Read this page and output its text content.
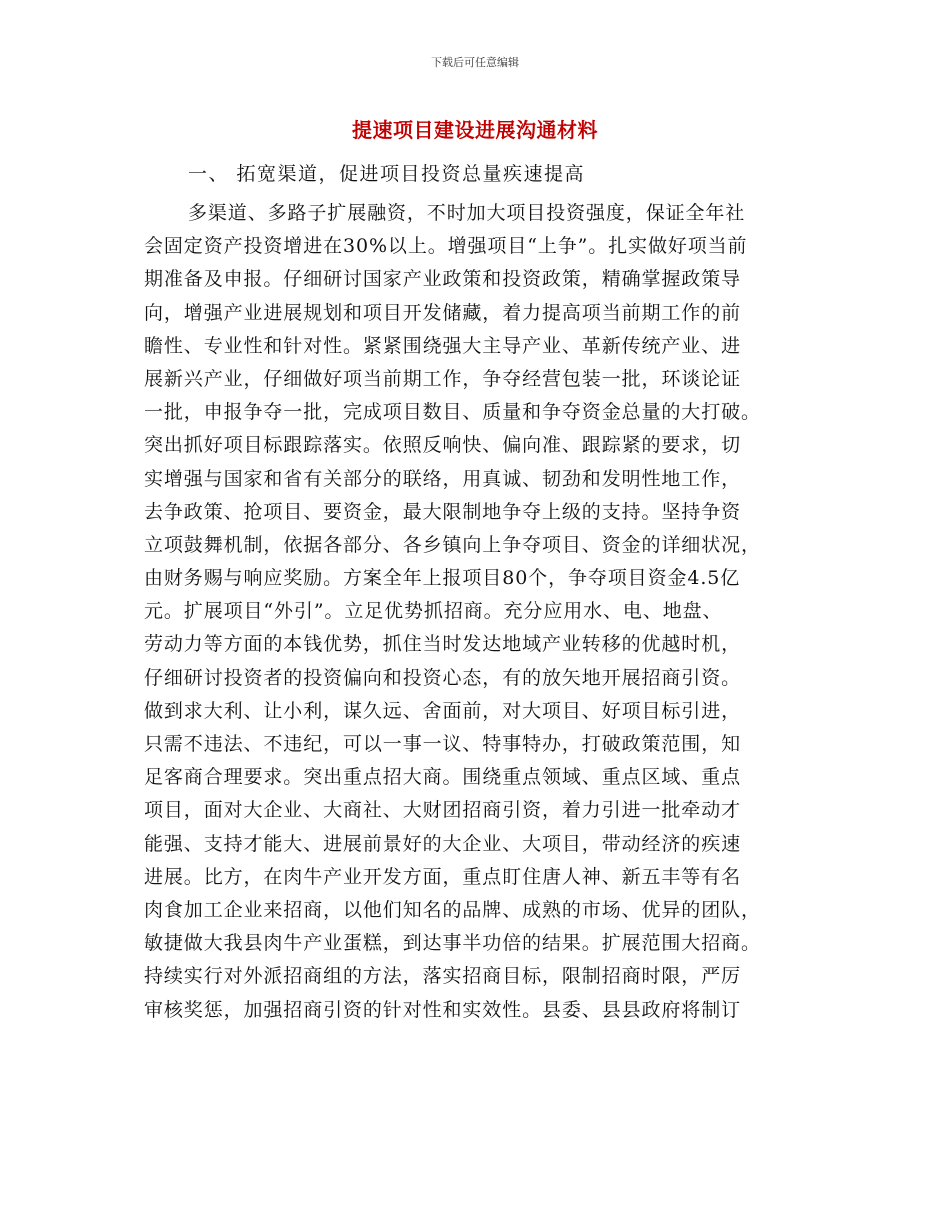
下载后可任意编辑
提速项目建设进展沟通材料
一、 拓宽渠道，促进项目投资总量疾速提高
多渠道、多路子扩展融资，不时加大项目投资强度，保证全年社
会固定资产投资增进在30%以上。增强项目“上争”。扎实做好项当前
期准备及申报。仔细研讨国家产业政策和投资政策，精确掌握政策导
向，增强产业进展规划和项目开发储藏，着力提高项当前期工作的前
瞻性、专业性和针对性。紧紧围绕强大主导产业、革新传统产业、进
展新兴产业，仔细做好项当前期工作，争夺经营包装一批，环谈论证
一批，申报争夺一批，完成项目数目、质量和争夺资金总量的大打破。
突出抓好项目标跟踪落实。依照反响快、偏向准、跟踪紧的要求，切
实增强与国家和省有关部分的联络，用真诚、韧劲和发明性地工作，
去争政策、抢项目、要资金，最大限制地争夺上级的支持。坚持争资
立项鼓舞机制，依据各部分、各乡镇向上争夺项目、资金的详细状况，
由财务赐与响应奖励。方案全年上报项目80个，争夺项目资金4.5亿
元。扩展项目“外引”。立足优势抓招商。充分应用水、电、地盘、
劳动力等方面的本钱优势，抓住当时发达地域产业转移的优越时机，
仔细研讨投资者的投资偏向和投资心态，有的放矢地开展招商引资。
做到求大利、让小利，谋久远、舍面前，对大项目、好项目标引进，
只需不违法、不违纪，可以一事一议、特事特办，打破政策范围，知
足客商合理要求。突出重点招大商。围绕重点领域、重点区域、重点
项目，面对大企业、大商社、大财团招商引资，着力引进一批牵动才
能强、支持才能大、进展前景好的大企业、大项目，带动经济的疾速
进展。比方，在肉牛产业开发方面，重点盯住唐人神、新五丰等有名
肉食加工企业来招商，以他们知名的品牌、成熟的市场、优异的团队，
敏捷做大我县肉牛产业蛋糕，到达事半功倍的结果。扩展范围大招商。
持续实行对外派招商组的方法，落实招商目标，限制招商时限，严厉
审核奖惩，加强招商引资的针对性和实效性。县委、县县政府将制订
